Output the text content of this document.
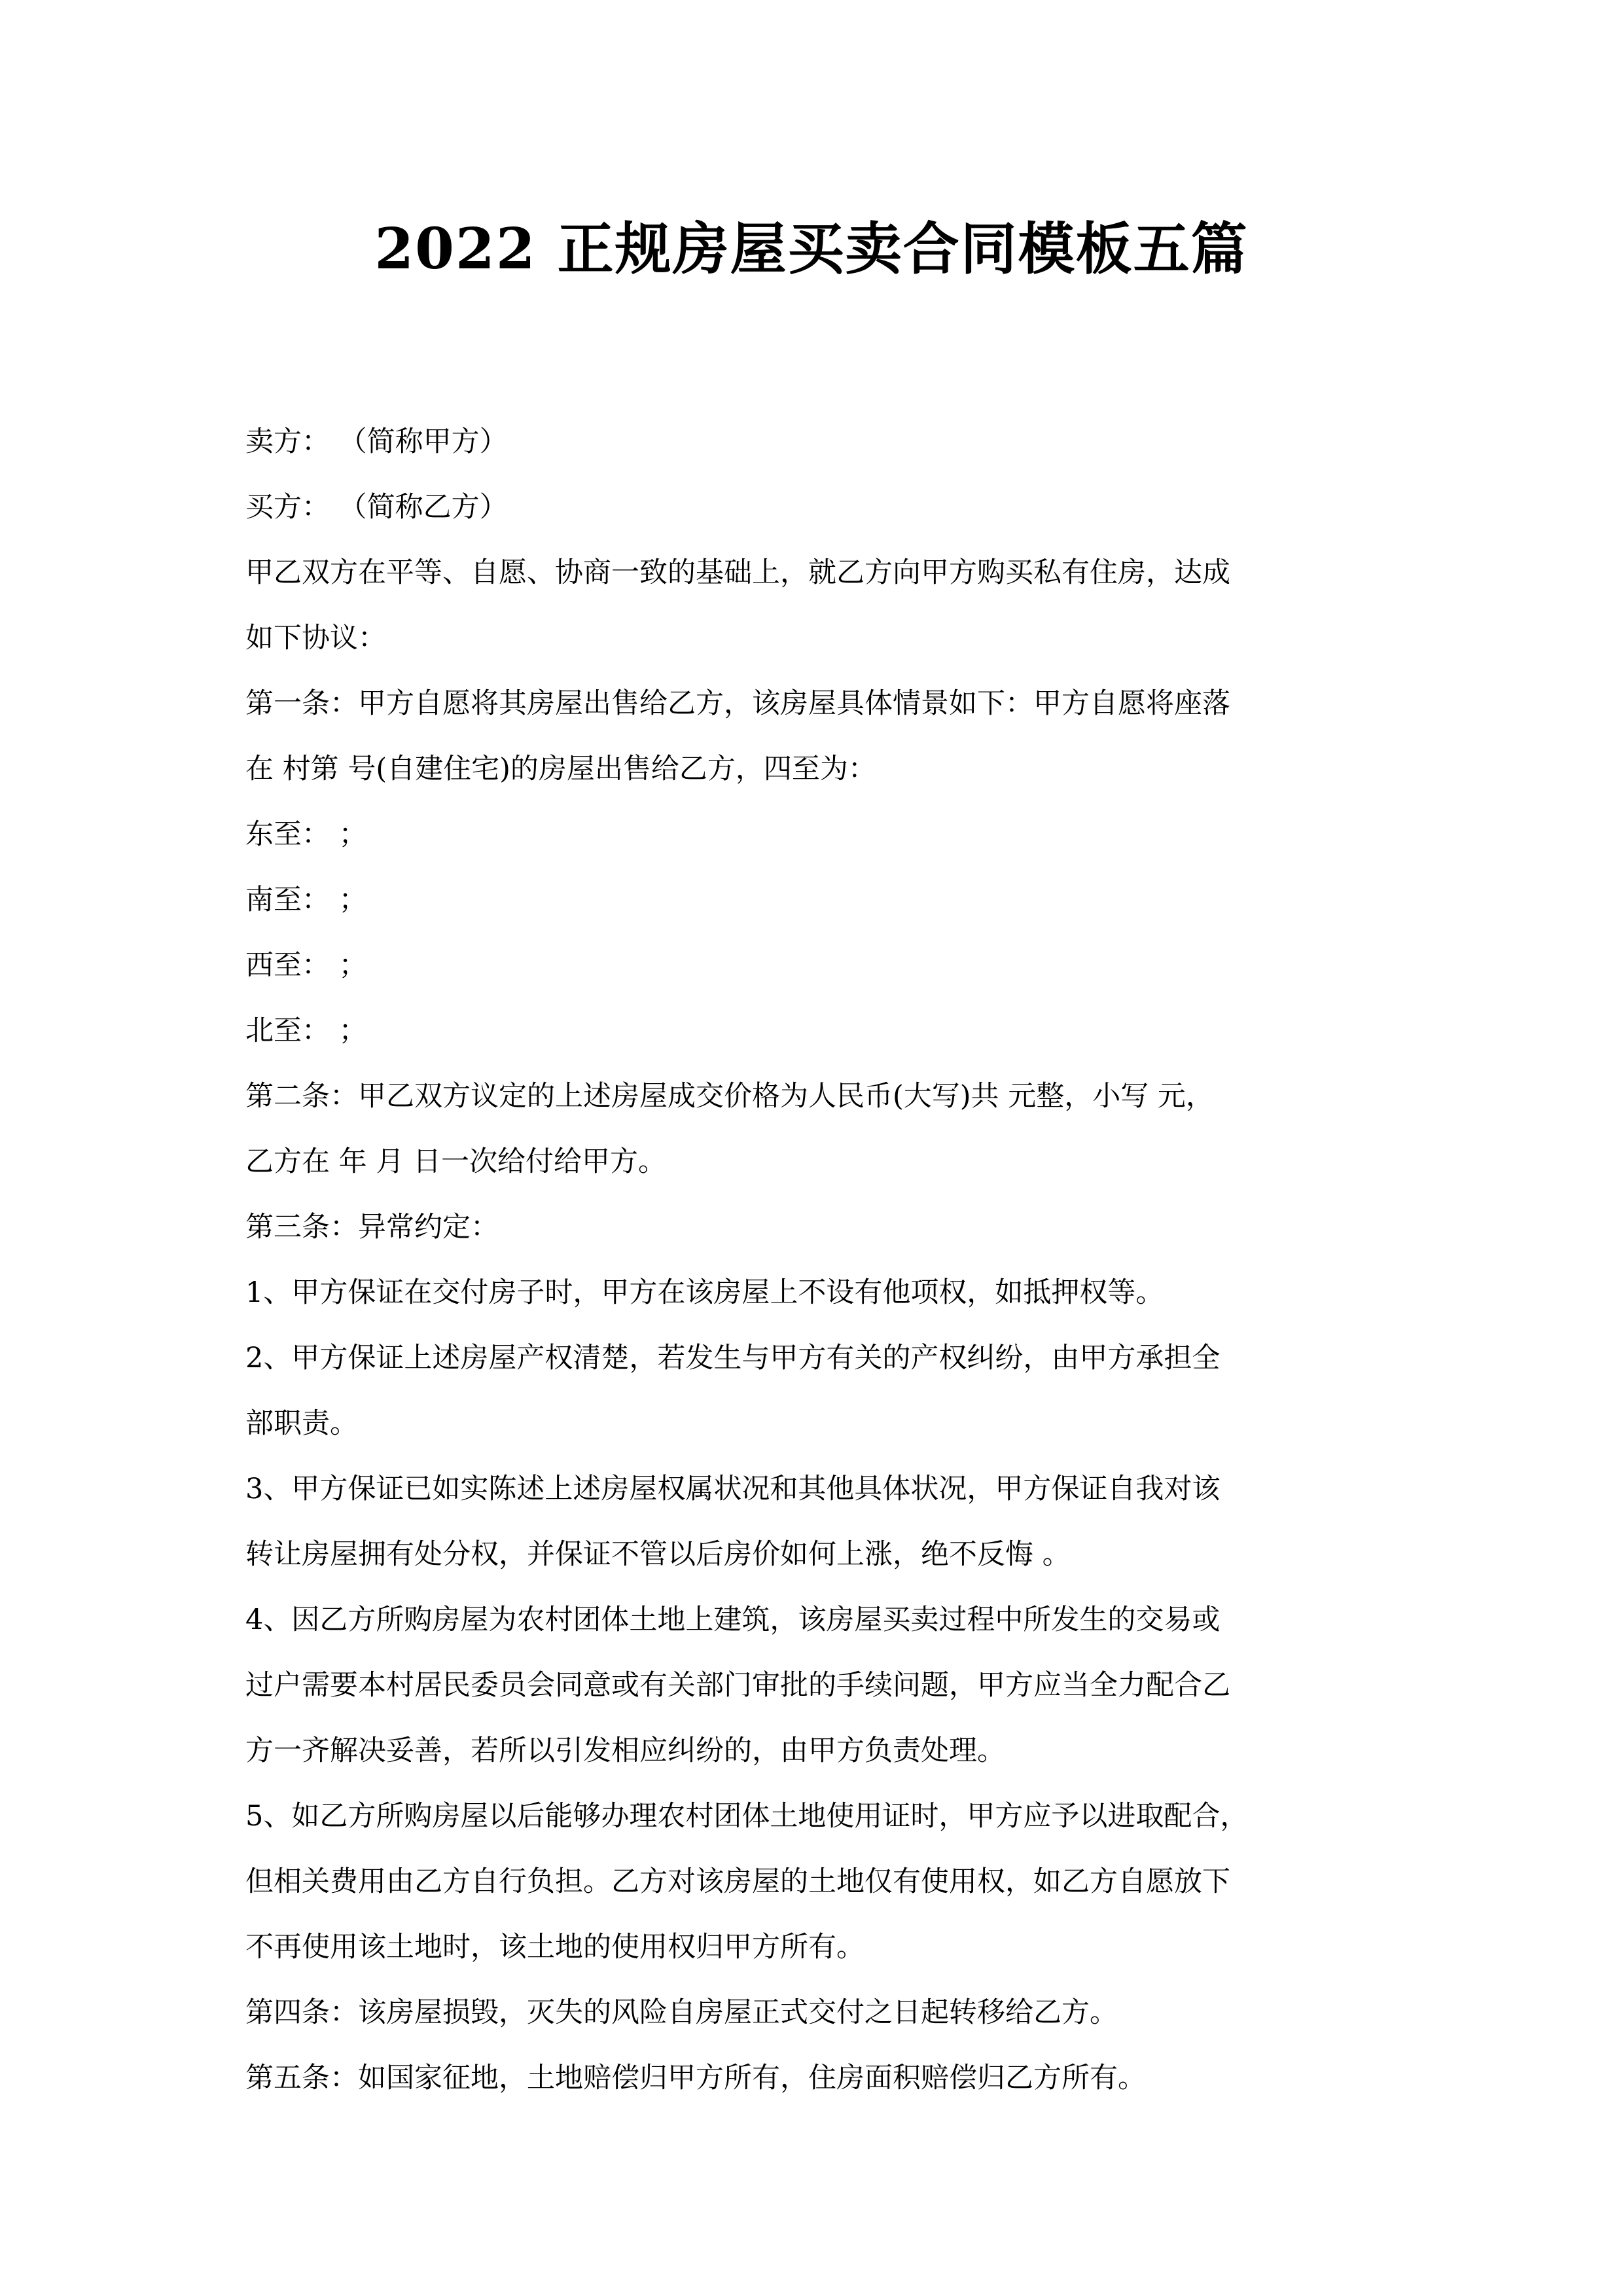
2022 正规房屋买卖合同模板五篇
卖方： （简称甲方）
买方： （简称乙方）
甲乙双方在平等、自愿、协商一致的基础上，就乙方向甲方购买私有住房，达成
如下协议：
第一条：甲方自愿将其房屋出售给乙方，该房屋具体情景如下：甲方自愿将座落
在 村第 号(自建住宅)的房屋出售给乙方，四至为：
东至： ；
南至： ；
西至： ；
北至： ；
第二条：甲乙双方议定的上述房屋成交价格为人民币(大写)共 元整，小写 元，
乙方在 年 月 日一次给付给甲方。
第三条：异常约定：
1、甲方保证在交付房子时，甲方在该房屋上不设有他项权，如抵押权等。
2、甲方保证上述房屋产权清楚，若发生与甲方有关的产权纠纷，由甲方承担全
部职责。
3、甲方保证已如实陈述上述房屋权属状况和其他具体状况，甲方保证自我对该
转让房屋拥有处分权，并保证不管以后房价如何上涨，绝不反悔 。
4、因乙方所购房屋为农村团体土地上建筑，该房屋买卖过程中所发生的交易或
过户需要本村居民委员会同意或有关部门审批的手续问题，甲方应当全力配合乙
方一齐解决妥善，若所以引发相应纠纷的，由甲方负责处理。
5、如乙方所购房屋以后能够办理农村团体土地使用证时，甲方应予以进取配合，
但相关费用由乙方自行负担。乙方对该房屋的土地仅有使用权，如乙方自愿放下
不再使用该土地时，该土地的使用权归甲方所有。
第四条：该房屋损毁，灭失的风险自房屋正式交付之日起转移给乙方。
第五条：如国家征地，土地赔偿归甲方所有，住房面积赔偿归乙方所有。
